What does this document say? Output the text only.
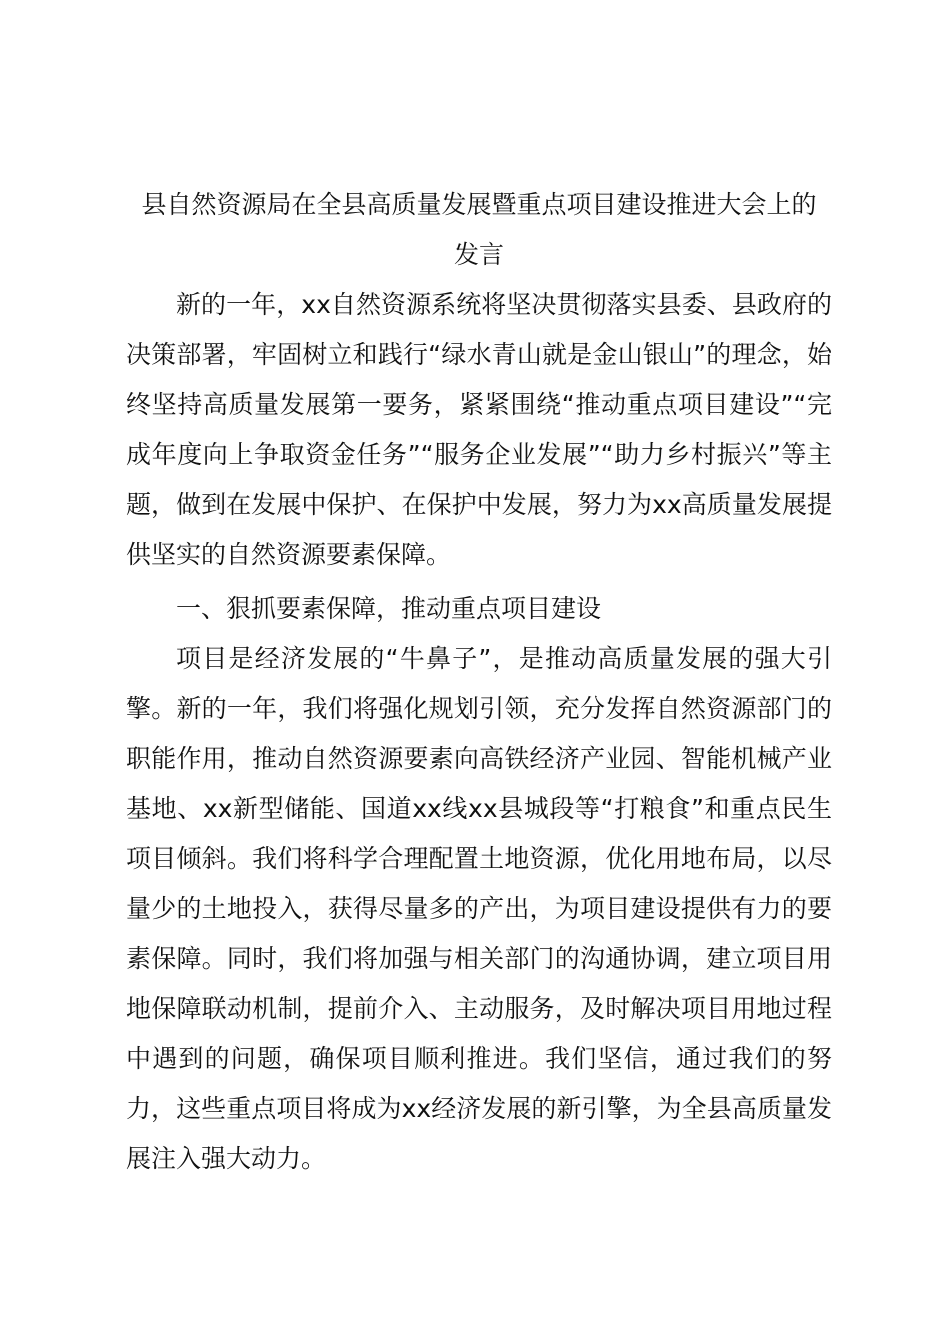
县自然资源局在全县高质量发展暨重点项目建设推进大会上的
发言

新的一年，xx自然资源系统将坚决贯彻落实县委、县政府的决策部署，牢固树立和践行“绿水青山就是金山银山”的理念，始终坚持高质量发展第一要务，紧紧围绕“推动重点项目建设”“完成年度向上争取资金任务”“服务企业发展”“助力乡村振兴”等主题，做到在发展中保护、在保护中发展，努力为xx高质量发展提供坚实的自然资源要素保障。

一、狠抓要素保障，推动重点项目建设

项目是经济发展的“牛鼻子”，是推动高质量发展的强大引擎。新的一年，我们将强化规划引领，充分发挥自然资源部门的职能作用，推动自然资源要素向高铁经济产业园、智能机械产业基地、xx新型储能、国道xx线xx县城段等“打粮食”和重点民生项目倾斜。我们将科学合理配置土地资源，优化用地布局，以尽量少的土地投入，获得尽量多的产出，为项目建设提供有力的要素保障。同时，我们将加强与相关部门的沟通协调，建立项目用地保障联动机制，提前介入、主动服务，及时解决项目用地过程中遇到的问题，确保项目顺利推进。我们坚信，通过我们的努力，这些重点项目将成为xx经济发展的新引擎，为全县高质量发展注入强大动力。
